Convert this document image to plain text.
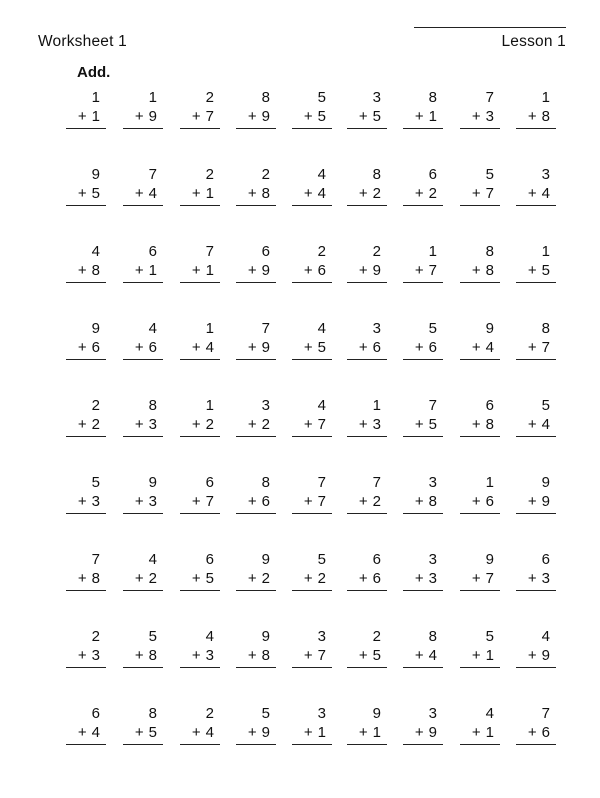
Worksheet 1	Lesson 1
Add.
1
+ 1
1
+ 9
2
+ 7
8
+ 9
5
+ 5
3
+ 5
8
+ 1
7
+ 3
1
+ 8
9
+ 5
7
+ 4
2
+ 1
2
+ 8
4
+ 4
8
+ 2
6
+ 2
5
+ 7
3
+ 4
4
+ 8
6
+ 1
7
+ 1
6
+ 9
2
+ 6
2
+ 9
1
+ 7
8
+ 8
1
+ 5
9
+ 6
4
+ 6
1
+ 4
7
+ 9
4
+ 5
3
+ 6
5
+ 6
9
+ 4
8
+ 7
2
+ 2
8
+ 3
1
+ 2
3
+ 2
4
+ 7
1
+ 3
7
+ 5
6
+ 8
5
+ 4
5
+ 3
9
+ 3
6
+ 7
8
+ 6
7
+ 7
7
+ 2
3
+ 8
1
+ 6
9
+ 9
7
+ 8
4
+ 2
6
+ 5
9
+ 2
5
+ 2
6
+ 6
3
+ 3
9
+ 7
6
+ 3
2
+ 3
5
+ 8
4
+ 3
9
+ 8
3
+ 7
2
+ 5
8
+ 4
5
+ 1
4
+ 9
6
+ 4
8
+ 5
2
+ 4
5
+ 9
3
+ 1
9
+ 1
3
+ 9
4
+ 1
7
+ 6
